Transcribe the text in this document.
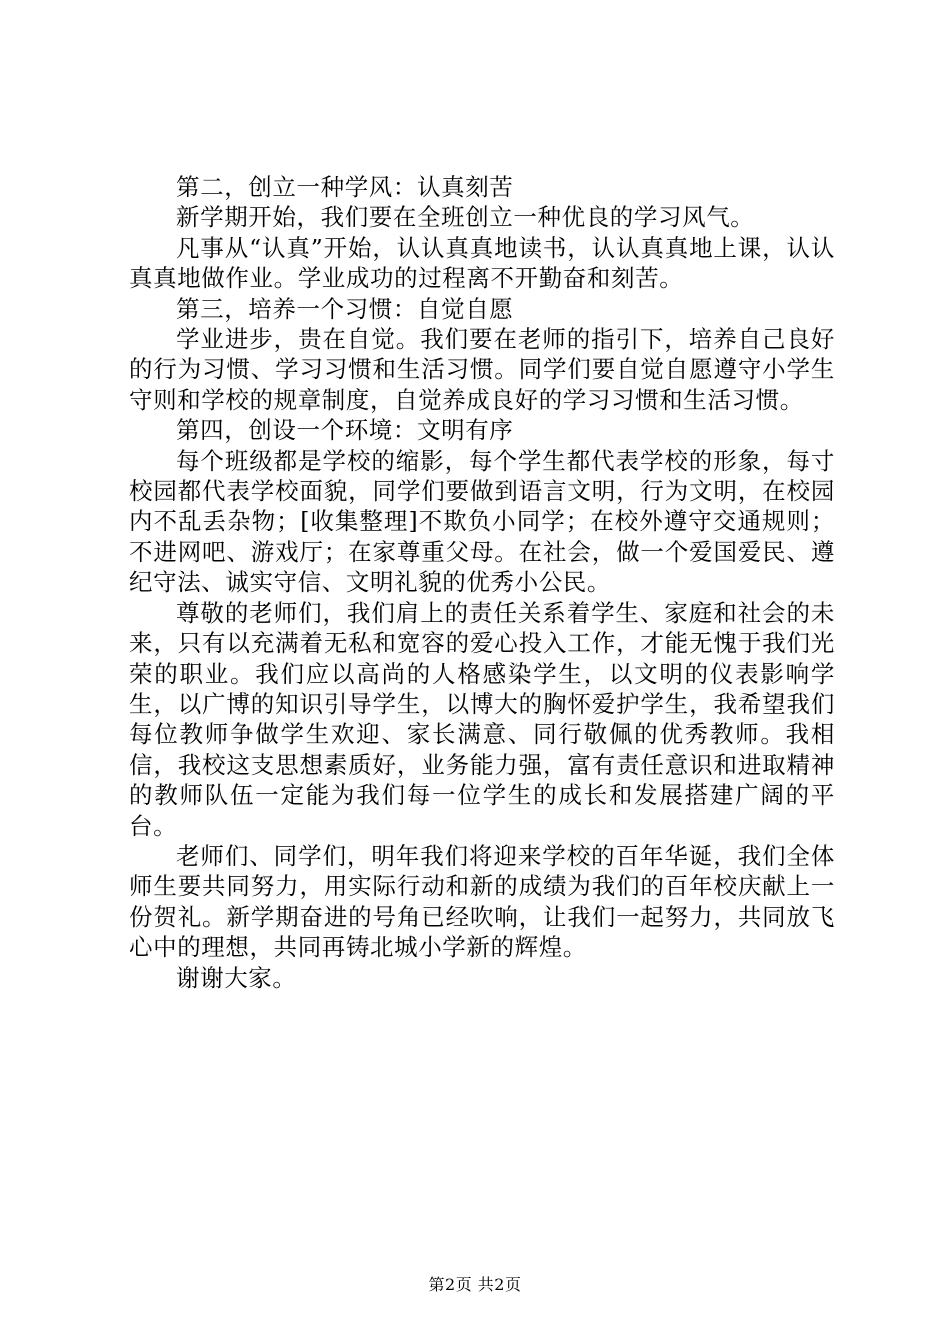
第二，创立一种学风：认真刻苦

新学期开始，我们要在全班创立一种优良的学习风气。

凡事从“认真”开始，认认真真地读书，认认真真地上课，认认真真地做作业。学业成功的过程离不开勤奋和刻苦。

第三，培养一个习惯：自觉自愿

学业进步，贵在自觉。我们要在老师的指引下，培养自己良好的行为习惯、学习习惯和生活习惯。同学们要自觉自愿遵守小学生守则和学校的规章制度，自觉养成良好的学习习惯和生活习惯。

第四，创设一个环境：文明有序

每个班级都是学校的缩影，每个学生都代表学校的形象，每寸校园都代表学校面貌，同学们要做到语言文明，行为文明，在校园内不乱丢杂物；[收集整理]不欺负小同学；在校外遵守交通规则；不进网吧、游戏厅；在家尊重父母。在社会，做一个爱国爱民、遵纪守法、诚实守信、文明礼貌的优秀小公民。

尊敬的老师们，我们肩上的责任关系着学生、家庭和社会的未来，只有以充满着无私和宽容的爱心投入工作，才能无愧于我们光荣的职业。我们应以高尚的人格感染学生，以文明的仪表影响学生，以广博的知识引导学生，以博大的胸怀爱护学生，我希望我们每位教师争做学生欢迎、家长满意、同行敬佩的优秀教师。我相信，我校这支思想素质好，业务能力强，富有责任意识和进取精神的教师队伍一定能为我们每一位学生的成长和发展搭建广阔的平台。

老师们、同学们，明年我们将迎来学校的百年华诞，我们全体师生要共同努力，用实际行动和新的成绩为我们的百年校庆献上一份贺礼。新学期奋进的号角已经吹响，让我们一起努力，共同放飞心中的理想，共同再铸北城小学新的辉煌。

谢谢大家。

第2页 共2页
